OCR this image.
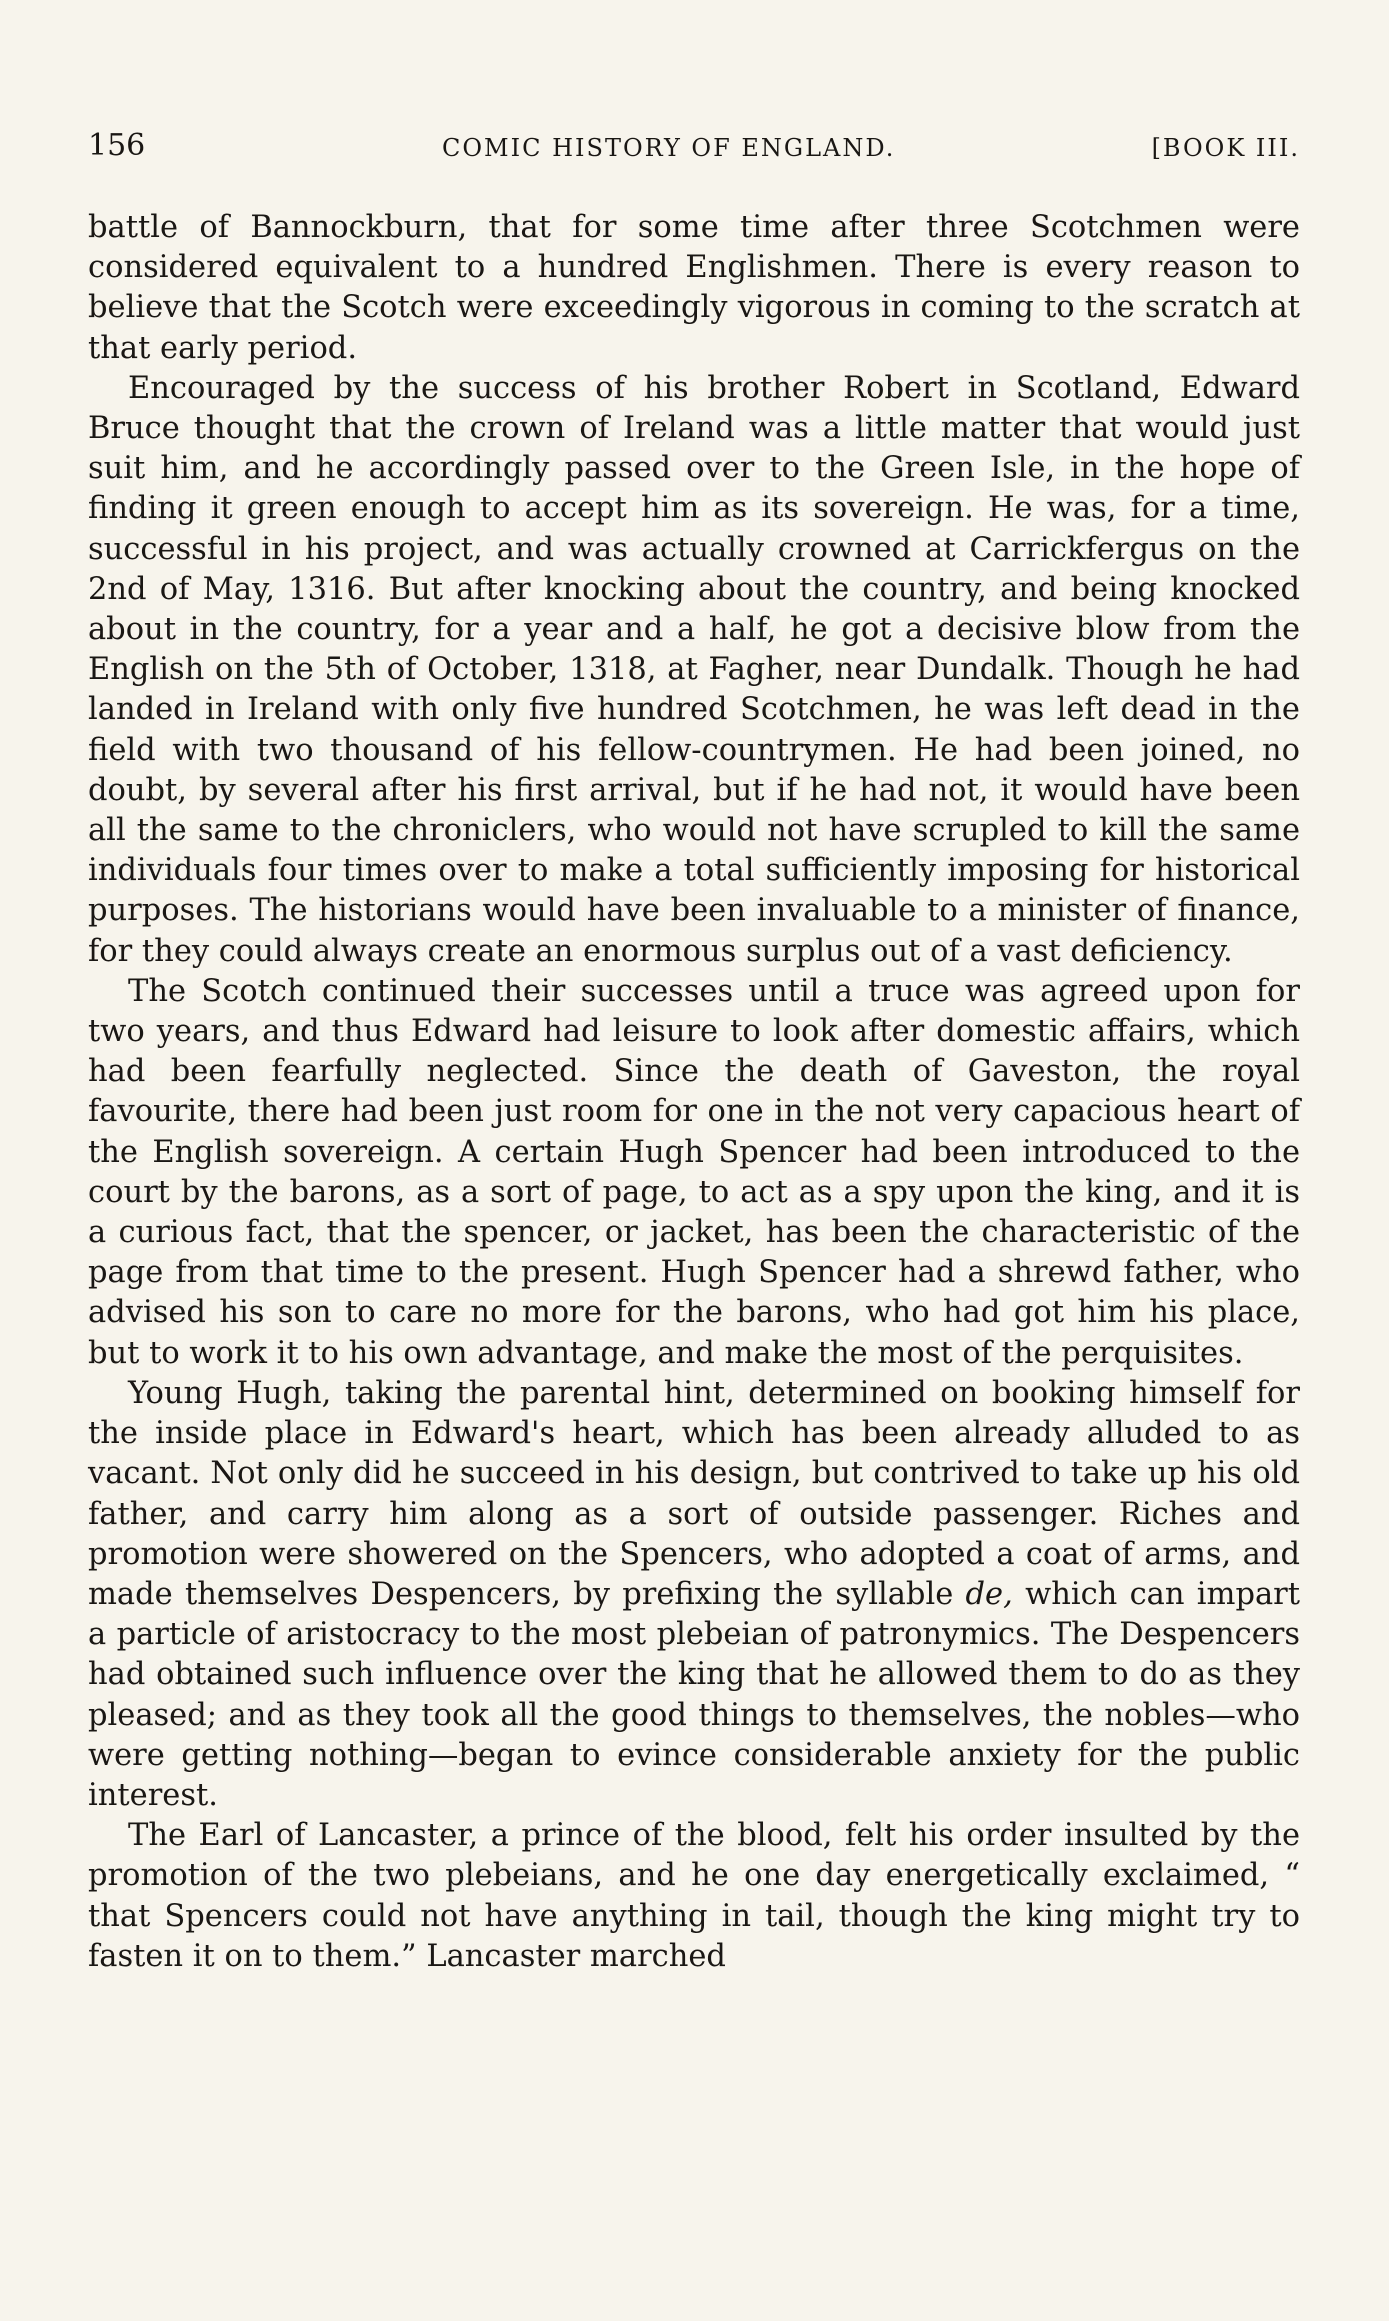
156	COMIC HISTORY OF ENGLAND.	[BOOK III.

battle of Bannockburn, that for some time after three Scotchmen were considered equivalent to a hundred Englishmen. There is every reason to believe that the Scotch were exceedingly vigorous in coming to the scratch at that early period.

Encouraged by the success of his brother Robert in Scotland, Edward Bruce thought that the crown of Ireland was a little matter that would just suit him, and he accordingly passed over to the Green Isle, in the hope of finding it green enough to accept him as its sovereign. He was, for a time, successful in his project, and was actually crowned at Carrickfergus on the 2nd of May, 1316. But after knocking about the country, and being knocked about in the country, for a year and a half, he got a decisive blow from the English on the 5th of October, 1318, at Fagher, near Dundalk. Though he had landed in Ireland with only five hundred Scotchmen, he was left dead in the field with two thousand of his fellow-countrymen. He had been joined, no doubt, by several after his first arrival, but if he had not, it would have been all the same to the chroniclers, who would not have scrupled to kill the same individuals four times over to make a total sufficiently imposing for historical purposes. The historians would have been invaluable to a minister of finance, for they could always create an enormous surplus out of a vast deficiency.

The Scotch continued their successes until a truce was agreed upon for two years, and thus Edward had leisure to look after domestic affairs, which had been fearfully neglected. Since the death of Gaveston, the royal favourite, there had been just room for one in the not very capacious heart of the English sovereign. A certain Hugh Spencer had been introduced to the court by the barons, as a sort of page, to act as a spy upon the king, and it is a curious fact, that the spencer, or jacket, has been the characteristic of the page from that time to the present. Hugh Spencer had a shrewd father, who advised his son to care no more for the barons, who had got him his place, but to work it to his own advantage, and make the most of the perquisites.

Young Hugh, taking the parental hint, determined on booking himself for the inside place in Edward's heart, which has been already alluded to as vacant. Not only did he succeed in his design, but contrived to take up his old father, and carry him along as a sort of outside passenger. Riches and promotion were showered on the Spencers, who adopted a coat of arms, and made themselves Despencers, by prefixing the syllable de, which can impart a particle of aristocracy to the most plebeian of patronymics. The Despencers had obtained such influence over the king that he allowed them to do as they pleased; and as they took all the good things to themselves, the nobles—who were getting nothing—began to evince considerable anxiety for the public interest.

The Earl of Lancaster, a prince of the blood, felt his order insulted by the promotion of the two plebeians, and he one day energetically exclaimed, “ that Spencers could not have anything in tail, though the king might try to fasten it on to them.” Lancaster marched
